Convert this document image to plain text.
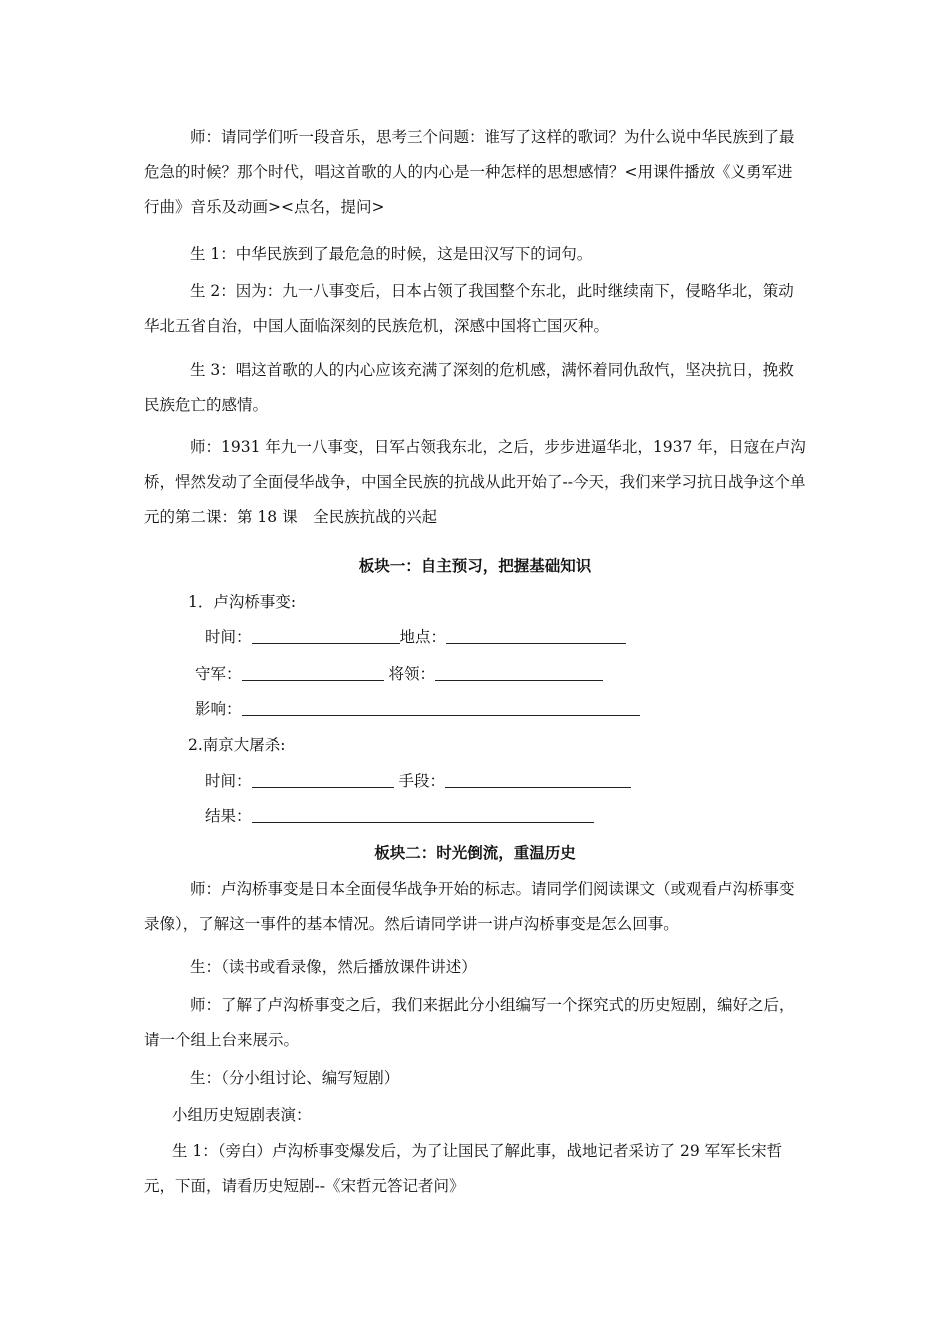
师：请同学们听一段音乐，思考三个问题：谁写了这样的歌词？为什么说中华民族到了最危急的时候？那个时代，唱这首歌的人的内心是一种怎样的思想感情？<用课件播放《义勇军进行曲》音乐及动画><点名，提问>

生 1：中华民族到了最危急的时候，这是田汉写下的词句。

生 2：因为：九一八事变后，日本占领了我国整个东北，此时继续南下，侵略华北，策动华北五省自治，中国人面临深刻的民族危机，深感中国将亡国灭种。

生 3：唱这首歌的人的内心应该充满了深刻的危机感，满怀着同仇敌忾，坚决抗日，挽救民族危亡的感情。

师：1931 年九一八事变，日军占领我东北，之后，步步进逼华北，1937 年，日寇在卢沟桥，悍然发动了全面侵华战争，中国全民族的抗战从此开始了--今天，我们来学习抗日战争这个单元的第二课：第 18 课　全民族抗战的兴起

板块一：自主预习，把握基础知识

1．卢沟桥事变:
时间：	地点：
守军：	将领：
影响：
2.南京大屠杀:
时间：	手段：
结果：

板块二：时光倒流，重温历史

师：卢沟桥事变是日本全面侵华战争开始的标志。请同学们阅读课文（或观看卢沟桥事变录像），了解这一事件的基本情况。然后请同学讲一讲卢沟桥事变是怎么回事。

生：（读书或看录像，然后播放课件讲述）

师：了解了卢沟桥事变之后，我们来据此分小组编写一个探究式的历史短剧，编好之后，请一个组上台来展示。

生：（分小组讨论、编写短剧）

小组历史短剧表演：

生 1：（旁白）卢沟桥事变爆发后，为了让国民了解此事，战地记者采访了 29 军军长宋哲元，下面，请看历史短剧--《宋哲元答记者问》
